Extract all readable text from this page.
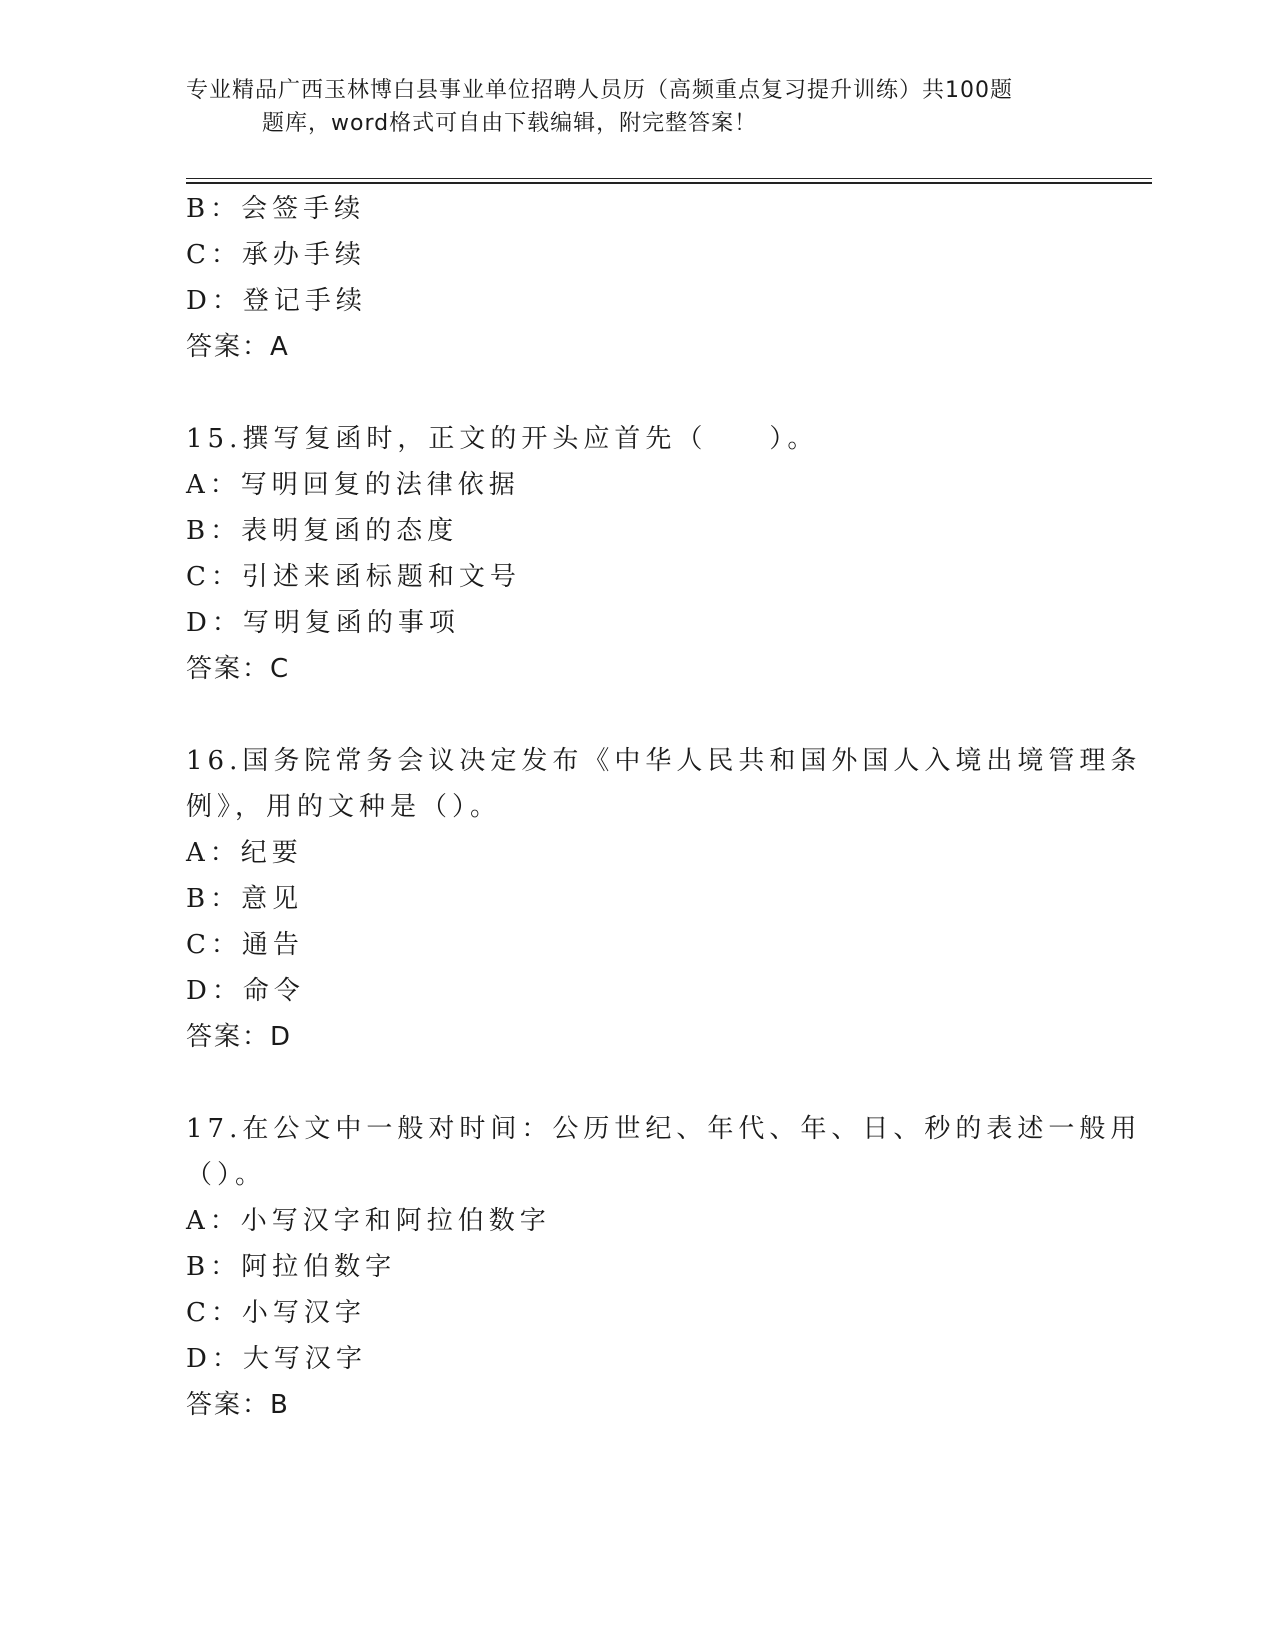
专业精品广西玉林博白县事业单位招聘人员历（高频重点复习提升训练）共100题
题库，word格式可自由下载编辑，附完整答案！
B：会签手续
C：承办手续
D：登记手续
答案：A
15.撰写复函时，正文的开头应首先（　　）。
A：写明回复的法律依据
B：表明复函的态度
C：引述来函标题和文号
D：写明复函的事项
答案：C
16.国务院常务会议决定发布《中华人民共和国外国人入境出境管理条
例》，用的文种是（）。
A：纪要
B：意见
C：通告
D：命令
答案：D
17.在公文中一般对时间：公历世纪、年代、年、日、秒的表述一般用
（）。
A：小写汉字和阿拉伯数字
B：阿拉伯数字
C：小写汉字
D：大写汉字
答案：B
